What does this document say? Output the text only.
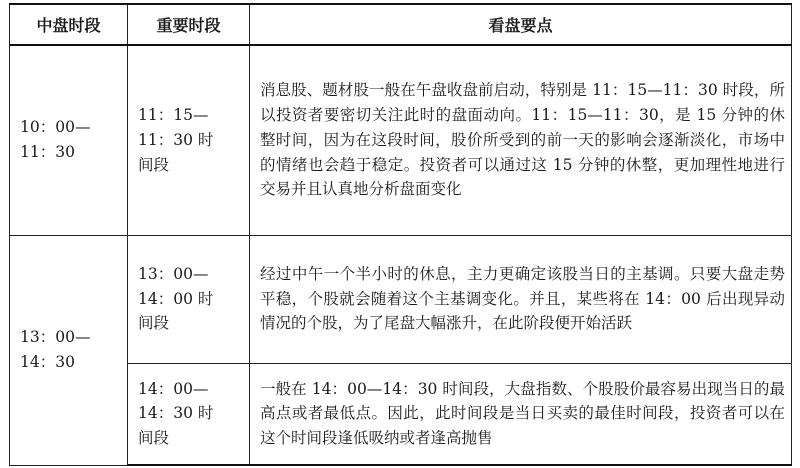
中盘时段	重要时段	看盘要点

10：00—
11：30	11：15—
11：30 时
间段	消息股、题材股一般在午盘收盘前启动，特别是 11：15—11：30 时段，所以投资者要密切关注此时的盘面动向。11：15—11：30，是 15 分钟的休整时间，因为在这段时间，股价所受到的前一天的影响会逐渐淡化，市场中的情绪也会趋于稳定。投资者可以通过这 15 分钟的休整，更加理性地进行交易并且认真地分析盘面变化

13：00—
14：30	13：00—
14：00 时
间段	经过中午一个半小时的休息，主力更确定该股当日的主基调。只要大盘走势平稳，个股就会随着这个主基调变化。并且，某些将在 14：00 后出现异动情况的个股，为了尾盘大幅涨升，在此阶段便开始活跃

	14：00—
14：30 时
间段	一般在 14：00—14：30 时间段，大盘指数、个股股价最容易出现当日的最高点或者最低点。因此，此时间段是当日买卖的最佳时间段，投资者可以在这个时间段逢低吸纳或者逢高抛售
